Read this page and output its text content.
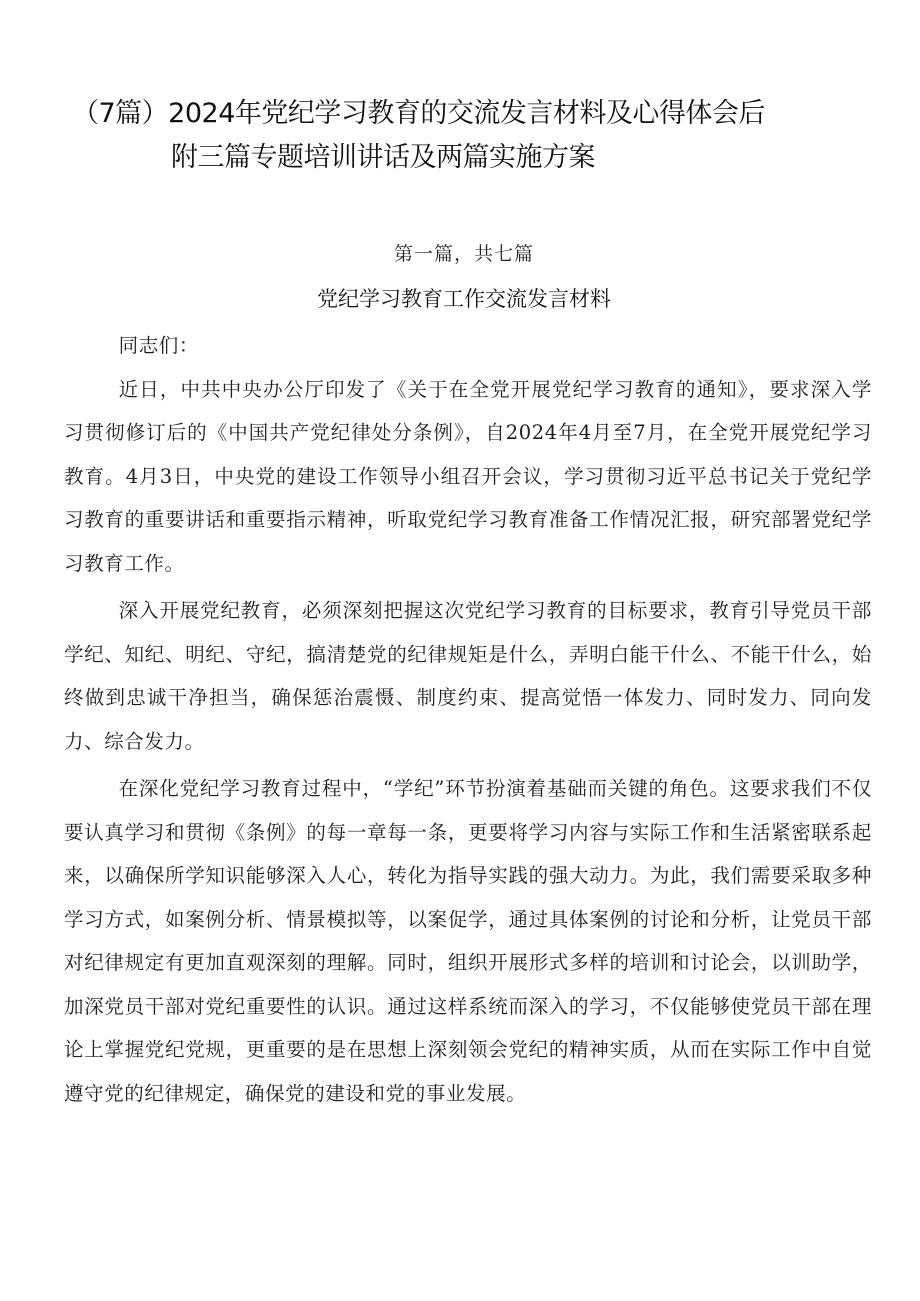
（7篇）2024年党纪学习教育的交流发言材料及心得体会后
附三篇专题培训讲话及两篇实施方案
第一篇，共七篇
党纪学习教育工作交流发言材料

同志们：

近日，中共中央办公厅印发了《关于在全党开展党纪学习教育的通知》，要求深入学习贯彻修订后的《中国共产党纪律处分条例》，自2024年4月至7月，在全党开展党纪学习教育。4月3日，中央党的建设工作领导小组召开会议，学习贯彻习近平总书记关于党纪学习教育的重要讲话和重要指示精神，听取党纪学习教育准备工作情况汇报，研究部署党纪学习教育工作。

深入开展党纪教育，必须深刻把握这次党纪学习教育的目标要求，教育引导党员干部学纪、知纪、明纪、守纪，搞清楚党的纪律规矩是什么，弄明白能干什么、不能干什么，始终做到忠诚干净担当，确保惩治震慑、制度约束、提高觉悟一体发力、同时发力、同向发力、综合发力。

在深化党纪学习教育过程中，“学纪”环节扮演着基础而关键的角色。这要求我们不仅要认真学习和贯彻《条例》的每一章每一条，更要将学习内容与实际工作和生活紧密联系起来，以确保所学知识能够深入人心，转化为指导实践的强大动力。为此，我们需要采取多种学习方式，如案例分析、情景模拟等，以案促学，通过具体案例的讨论和分析，让党员干部对纪律规定有更加直观深刻的理解。同时，组织开展形式多样的培训和讨论会，以训助学，加深党员干部对党纪重要性的认识。通过这样系统而深入的学习，不仅能够使党员干部在理论上掌握党纪党规，更重要的是在思想上深刻领会党纪的精神实质，从而在实际工作中自觉遵守党的纪律规定，确保党的建设和党的事业发展。
